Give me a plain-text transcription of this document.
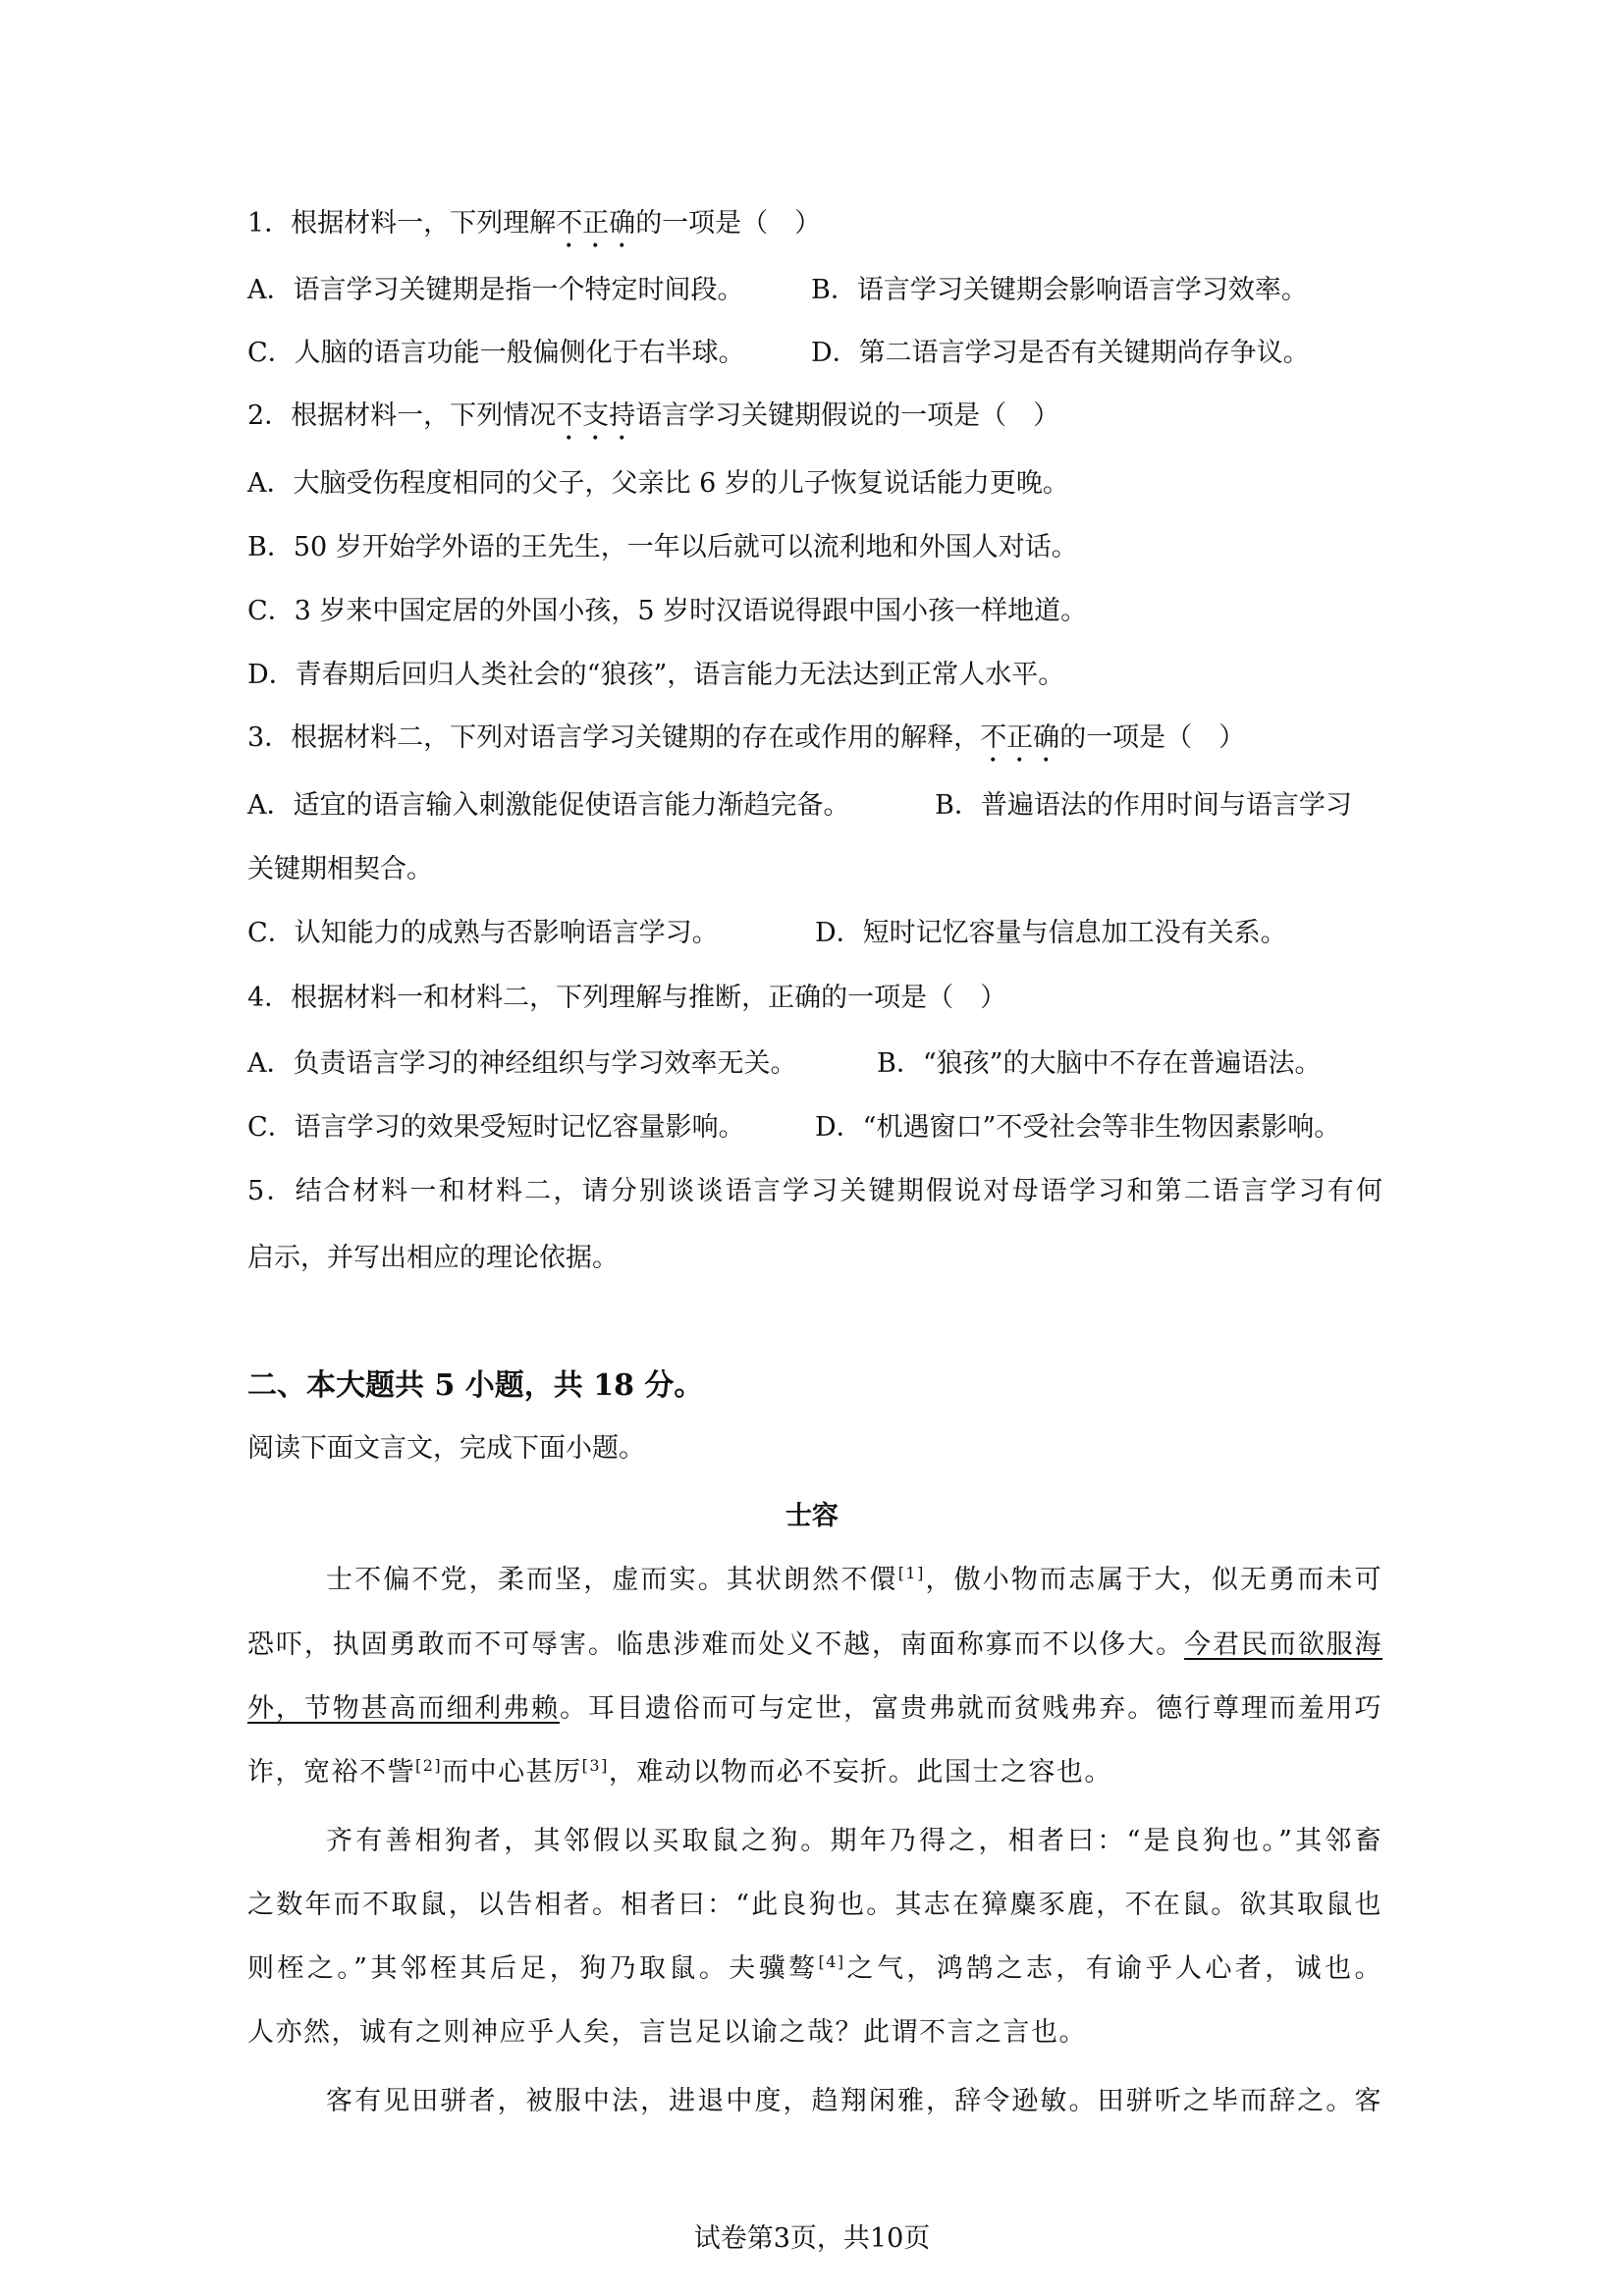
1．根据材料一，下列理解不正确的一项是（　）
A．语言学习关键期是指一个特定时间段。	B．语言学习关键期会影响语言学习效率。
C．人脑的语言功能一般偏侧化于右半球。 D．第二语言学习是否有关键期尚存争议。
2．根据材料一，下列情况不支持语言学习关键期假说的一项是（　）
A．大脑受伤程度相同的父子，父亲比 6 岁的儿子恢复说话能力更晚。
B．50 岁开始学外语的王先生，一年以后就可以流利地和外国人对话。
C．3 岁来中国定居的外国小孩，5 岁时汉语说得跟中国小孩一样地道。
D．青春期后回归人类社会的“狼孩”，语言能力无法达到正常人水平。
3．根据材料二，下列对语言学习关键期的存在或作用的解释，不正确的一项是（　）
A．适宜的语言输入刺激能促使语言能力渐趋完备。	B．普遍语法的作用时间与语言学习
关键期相契合。
C．认知能力的成熟与否影响语言学习。	D．短时记忆容量与信息加工没有关系。
4．根据材料一和材料二，下列理解与推断，正确的一项是（　）
A．负责语言学习的神经组织与学习效率无关。	B．“狼孩”的大脑中不存在普遍语法。
C．语言学习的效果受短时记忆容量影响。	D．“机遇窗口”不受社会等非生物因素影响。
5．结合材料一和材料二，请分别谈谈语言学习关键期假说对母语学习和第二语言学习有何
启示，并写出相应的理论依据。
二、本大题共 5 小题，共 18 分。
阅读下面文言文，完成下面小题。
士容
士不偏不党，柔而坚，虚而实。其状朗然不儇[1]，傲小物而志属于大，似无勇而未可
恐吓，执固勇敢而不可辱害。临患涉难而处义不越，南面称寡而不以侈大。今君民而欲服海
外，节物甚高而细利弗赖。耳目遗俗而可与定世，富贵弗就而贫贱弗弃。德行尊理而羞用巧
诈，宽裕不訾[2]而中心甚厉[3]，难动以物而必不妄折。此国士之容也。
齐有善相狗者，其邻假以买取鼠之狗。期年乃得之，相者曰：“是良狗也。”其邻畜
之数年而不取鼠，以告相者。相者曰：“此良狗也。其志在獐麋豕鹿，不在鼠。欲其取鼠也
则桎之。”其邻桎其后足，狗乃取鼠。夫骥骜[4]之气，鸿鹄之志，有谕乎人心者，诚也。
人亦然，诚有之则神应乎人矣，言岂足以谕之哉？此谓不言之言也。
客有见田骈者，被服中法，进退中度，趋翔闲雅，辞令逊敏。田骈听之毕而辞之。客
试卷第3页，共10页
